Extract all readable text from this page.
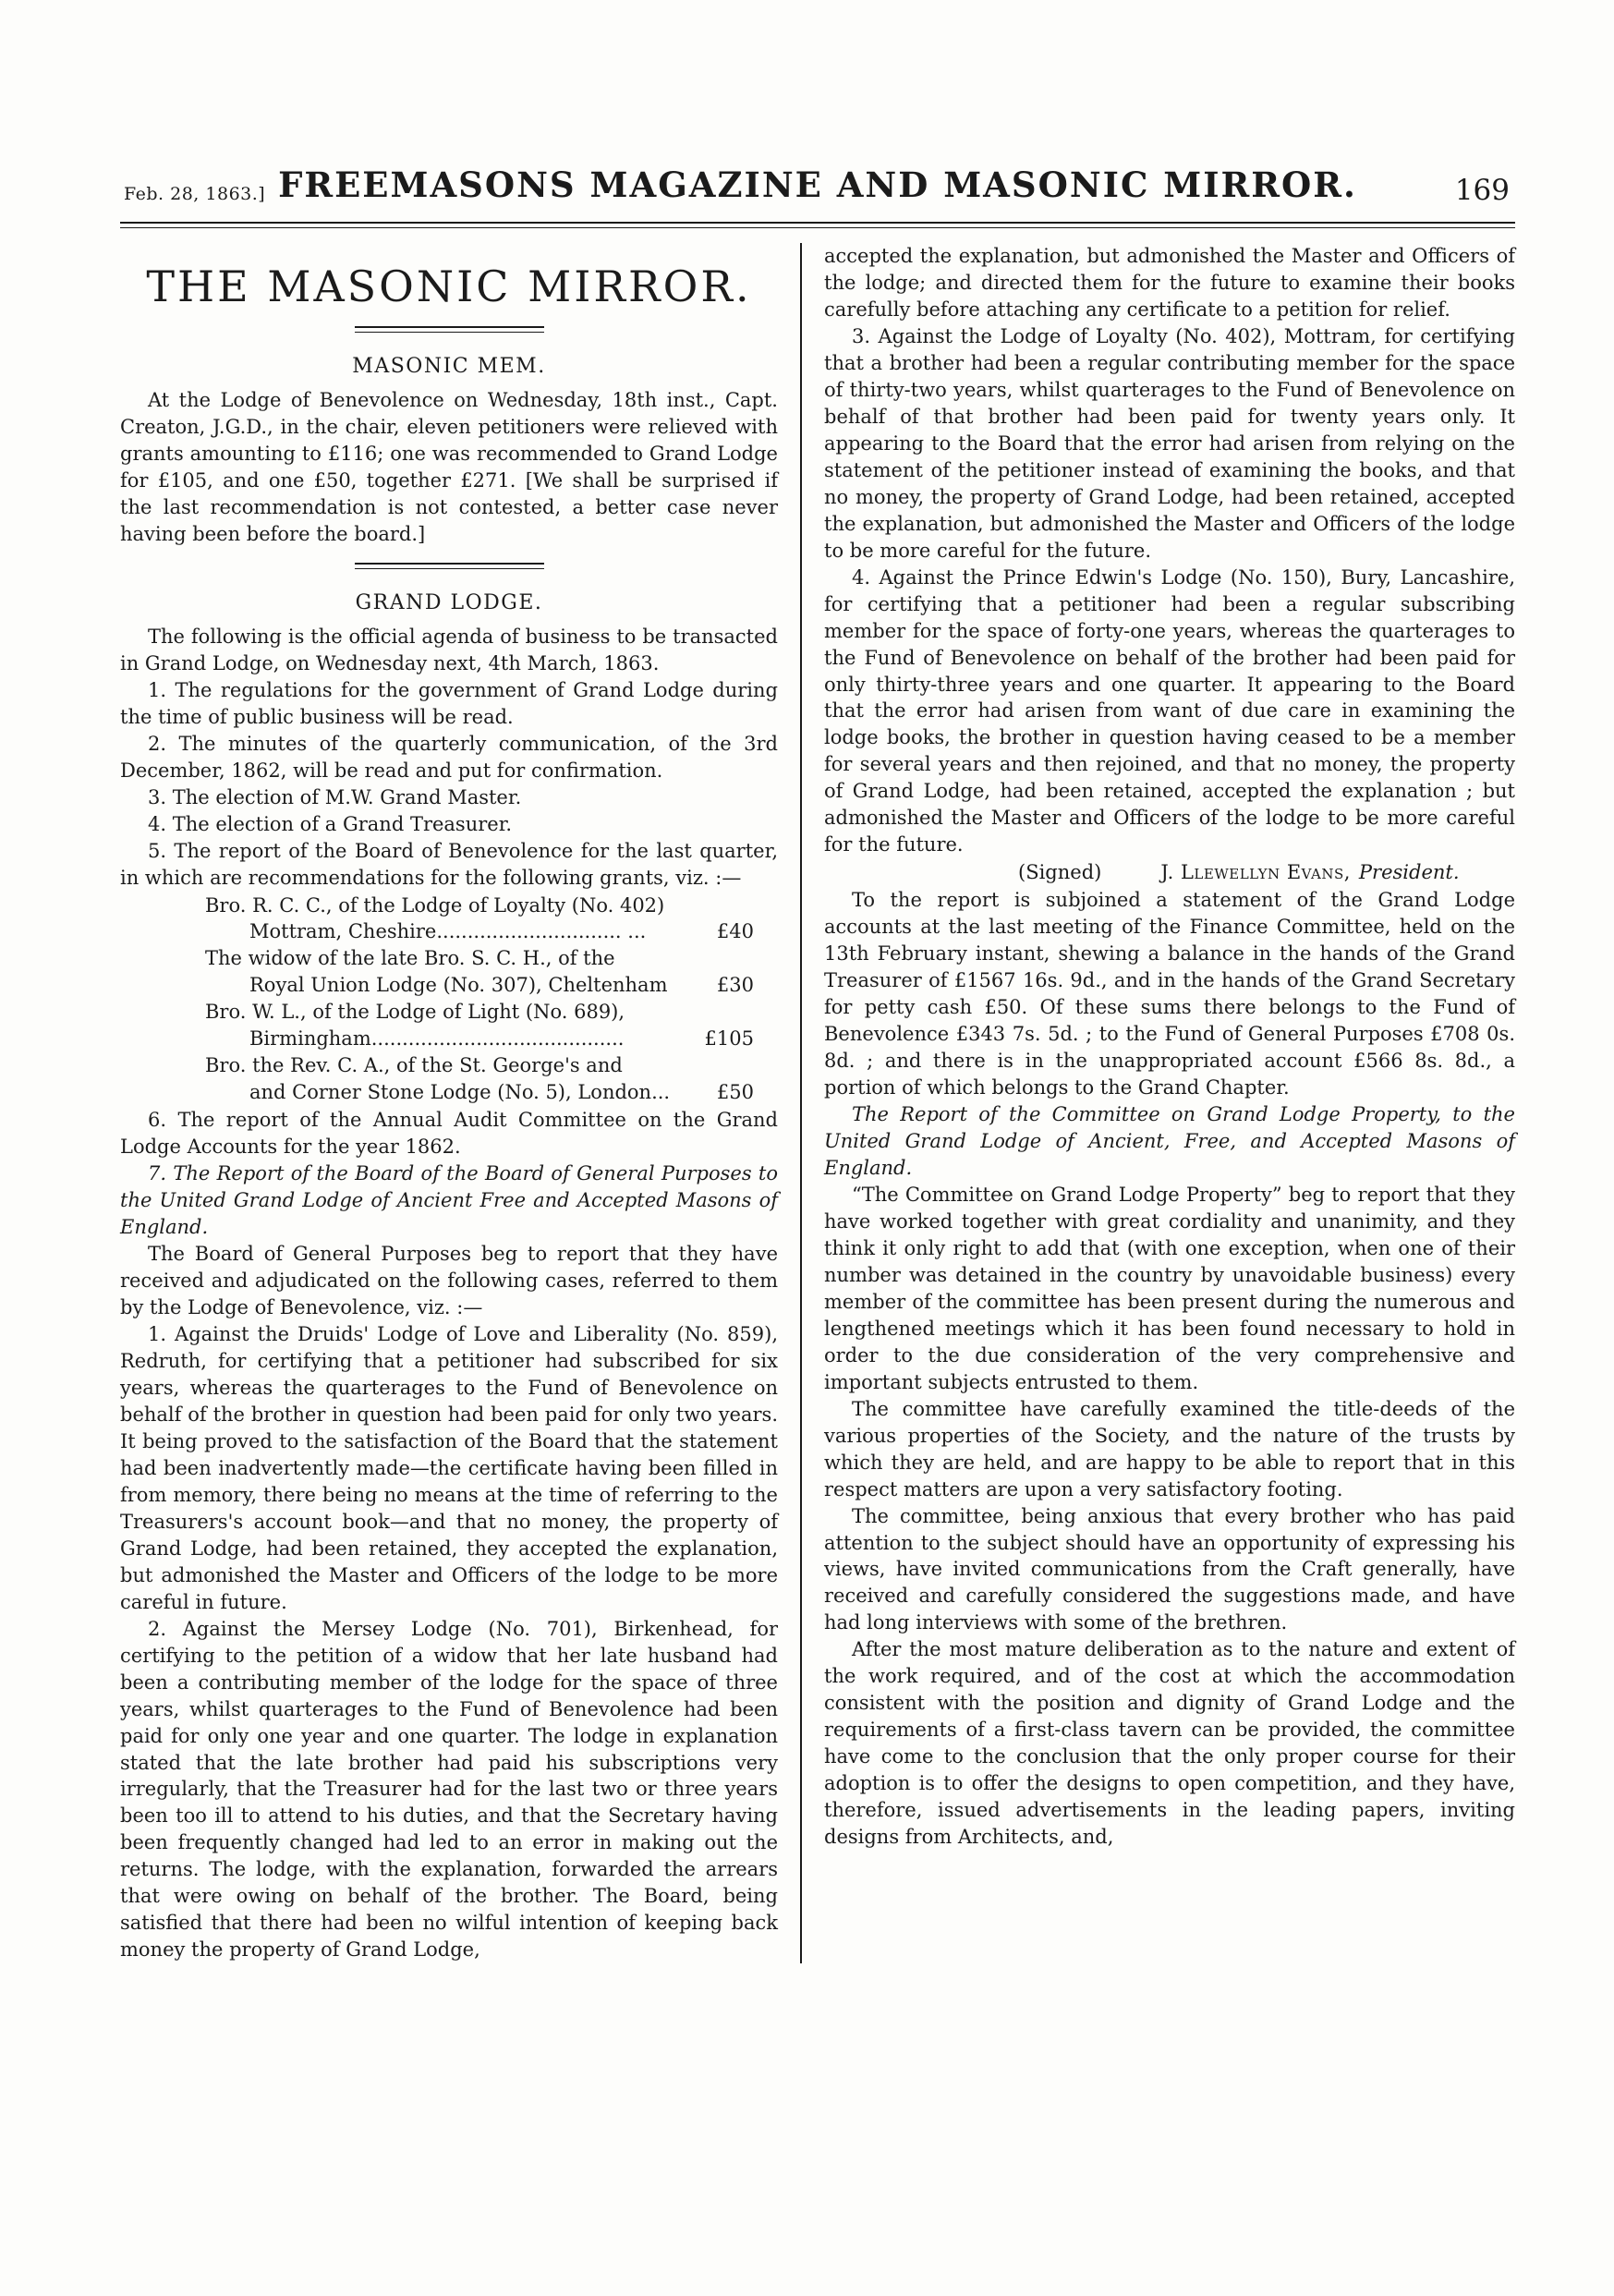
Feb. 28, 1863.] FREEMASONS MAGAZINE AND MASONIC MIRROR.	169
THE MASONIC MIRROR.
MASONIC MEM.

At the Lodge of Benevolence on Wednesday, 18th inst., Capt. Creaton, J.G.D., in the chair, eleven petitioners were relieved with grants amounting to £116; one was recommended to Grand Lodge for £105, and one £50, together £271. [We shall be surprised if the last recommendation is not contested, a better case never having been before the board.]

GRAND LODGE.

The following is the official agenda of business to be transacted in Grand Lodge, on Wednesday next, 4th March, 1863.

1. The regulations for the government of Grand Lodge during the time of public business will be read.

2. The minutes of the quarterly communication, of the 3rd December, 1862, will be read and put for confirmation.

3. The election of M.W. Grand Master.

4. The election of a Grand Treasurer.

5. The report of the Board of Benevolence for the last quarter, in which are recommendations for the following grants, viz. :—

Bro. R. C. C., of the Lodge of Loyalty (No. 402)
Mottram, Cheshire.............................. ...	£40
The widow of the late Bro. S. C. H., of the
Royal Union Lodge (No. 307), Cheltenham	£30
Bro. W. L., of the Lodge of Light (No. 689),
Birmingham.........................................	£105
Bro. the Rev. C. A., of the St. George's and
and Corner Stone Lodge (No. 5), London... £50

6. The report of the Annual Audit Committee on the Grand Lodge Accounts for the year 1862.

7. The Report of the Board of the Board of General Purposes to the United Grand Lodge of Ancient Free and Accepted Masons of England.

The Board of General Purposes beg to report that they have received and adjudicated on the following cases, referred to them by the Lodge of Benevolence, viz. :—

1. Against the Druids' Lodge of Love and Liberality (No. 859), Redruth, for certifying that a petitioner had subscribed for six years, whereas the quarterages to the Fund of Benevolence on behalf of the brother in question had been paid for only two years. It being proved to the satisfaction of the Board that the statement had been inadvertently made—the certificate having been filled in from memory, there being no means at the time of referring to the Treasurers's account book—and that no money, the property of Grand Lodge, had been retained, they accepted the explanation, but admonished the Master and Officers of the lodge to be more careful in future.

2. Against the Mersey Lodge (No. 701), Birkenhead, for certifying to the petition of a widow that her late husband had been a contributing member of the lodge for the space of three years, whilst quarterages to the Fund of Benevolence had been paid for only one year and one quarter. The lodge in explanation stated that the late brother had paid his subscriptions very irregularly, that the Treasurer had for the last two or three years been too ill to attend to his duties, and that the Secretary having been frequently changed had led to an error in making out the returns. The lodge, with the explanation, forwarded the arrears that were owing on behalf of the brother. The Board, being satisfied that there had been no wilful intention of keeping back money the property of Grand Lodge,

accepted the explanation, but admonished the Master and Officers of the lodge; and directed them for the future to examine their books carefully before attaching any certificate to a petition for relief.

3. Against the Lodge of Loyalty (No. 402), Mottram, for certifying that a brother had been a regular contributing member for the space of thirty-two years, whilst quarterages to the Fund of Benevolence on behalf of that brother had been paid for twenty years only. It appearing to the Board that the error had arisen from relying on the statement of the petitioner instead of examining the books, and that no money, the property of Grand Lodge, had been retained, accepted the explanation, but admonished the Master and Officers of the lodge to be more careful for the future.

4. Against the Prince Edwin's Lodge (No. 150), Bury, Lancashire, for certifying that a petitioner had been a regular subscribing member for the space of forty-one years, whereas the quarterages to the Fund of Benevolence on behalf of the brother had been paid for only thirty-three years and one quarter. It appearing to the Board that the error had arisen from want of due care in examining the lodge books, the brother in question having ceased to be a member for several years and then rejoined, and that no money, the property of Grand Lodge, had been retained, accepted the explanation ; but admonished the Master and Officers of the lodge to be more careful for the future.

(Signed)	J. Llewellyn Evans, President.

To the report is subjoined a statement of the Grand Lodge accounts at the last meeting of the Finance Committee, held on the 13th February instant, shewing a balance in the hands of the Grand Treasurer of £1567 16s. 9d., and in the hands of the Grand Secretary for petty cash £50. Of these sums there belongs to the Fund of Benevolence £343 7s. 5d. ; to the Fund of General Purposes £708 0s. 8d. ; and there is in the unappropriated account £566 8s. 8d., a portion of which belongs to the Grand Chapter.

The Report of the Committee on Grand Lodge Property, to the United Grand Lodge of Ancient, Free, and Accepted Masons of England.

“The Committee on Grand Lodge Property” beg to report that they have worked together with great cordiality and unanimity, and they think it only right to add that (with one exception, when one of their number was detained in the country by unavoidable business) every member of the committee has been present during the numerous and lengthened meetings which it has been found necessary to hold in order to the due consideration of the very comprehensive and important subjects entrusted to them.

The committee have carefully examined the title-deeds of the various properties of the Society, and the nature of the trusts by which they are held, and are happy to be able to report that in this respect matters are upon a very satisfactory footing.

The committee, being anxious that every brother who has paid attention to the subject should have an opportunity of expressing his views, have invited communications from the Craft generally, have received and carefully considered the suggestions made, and have had long interviews with some of the brethren.

After the most mature deliberation as to the nature and extent of the work required, and of the cost at which the accommodation consistent with the position and dignity of Grand Lodge and the requirements of a first-class tavern can be provided, the committee have come to the conclusion that the only proper course for their adoption is to offer the designs to open competition, and they have, therefore, issued advertisements in the leading papers, inviting designs from Architects, and,
